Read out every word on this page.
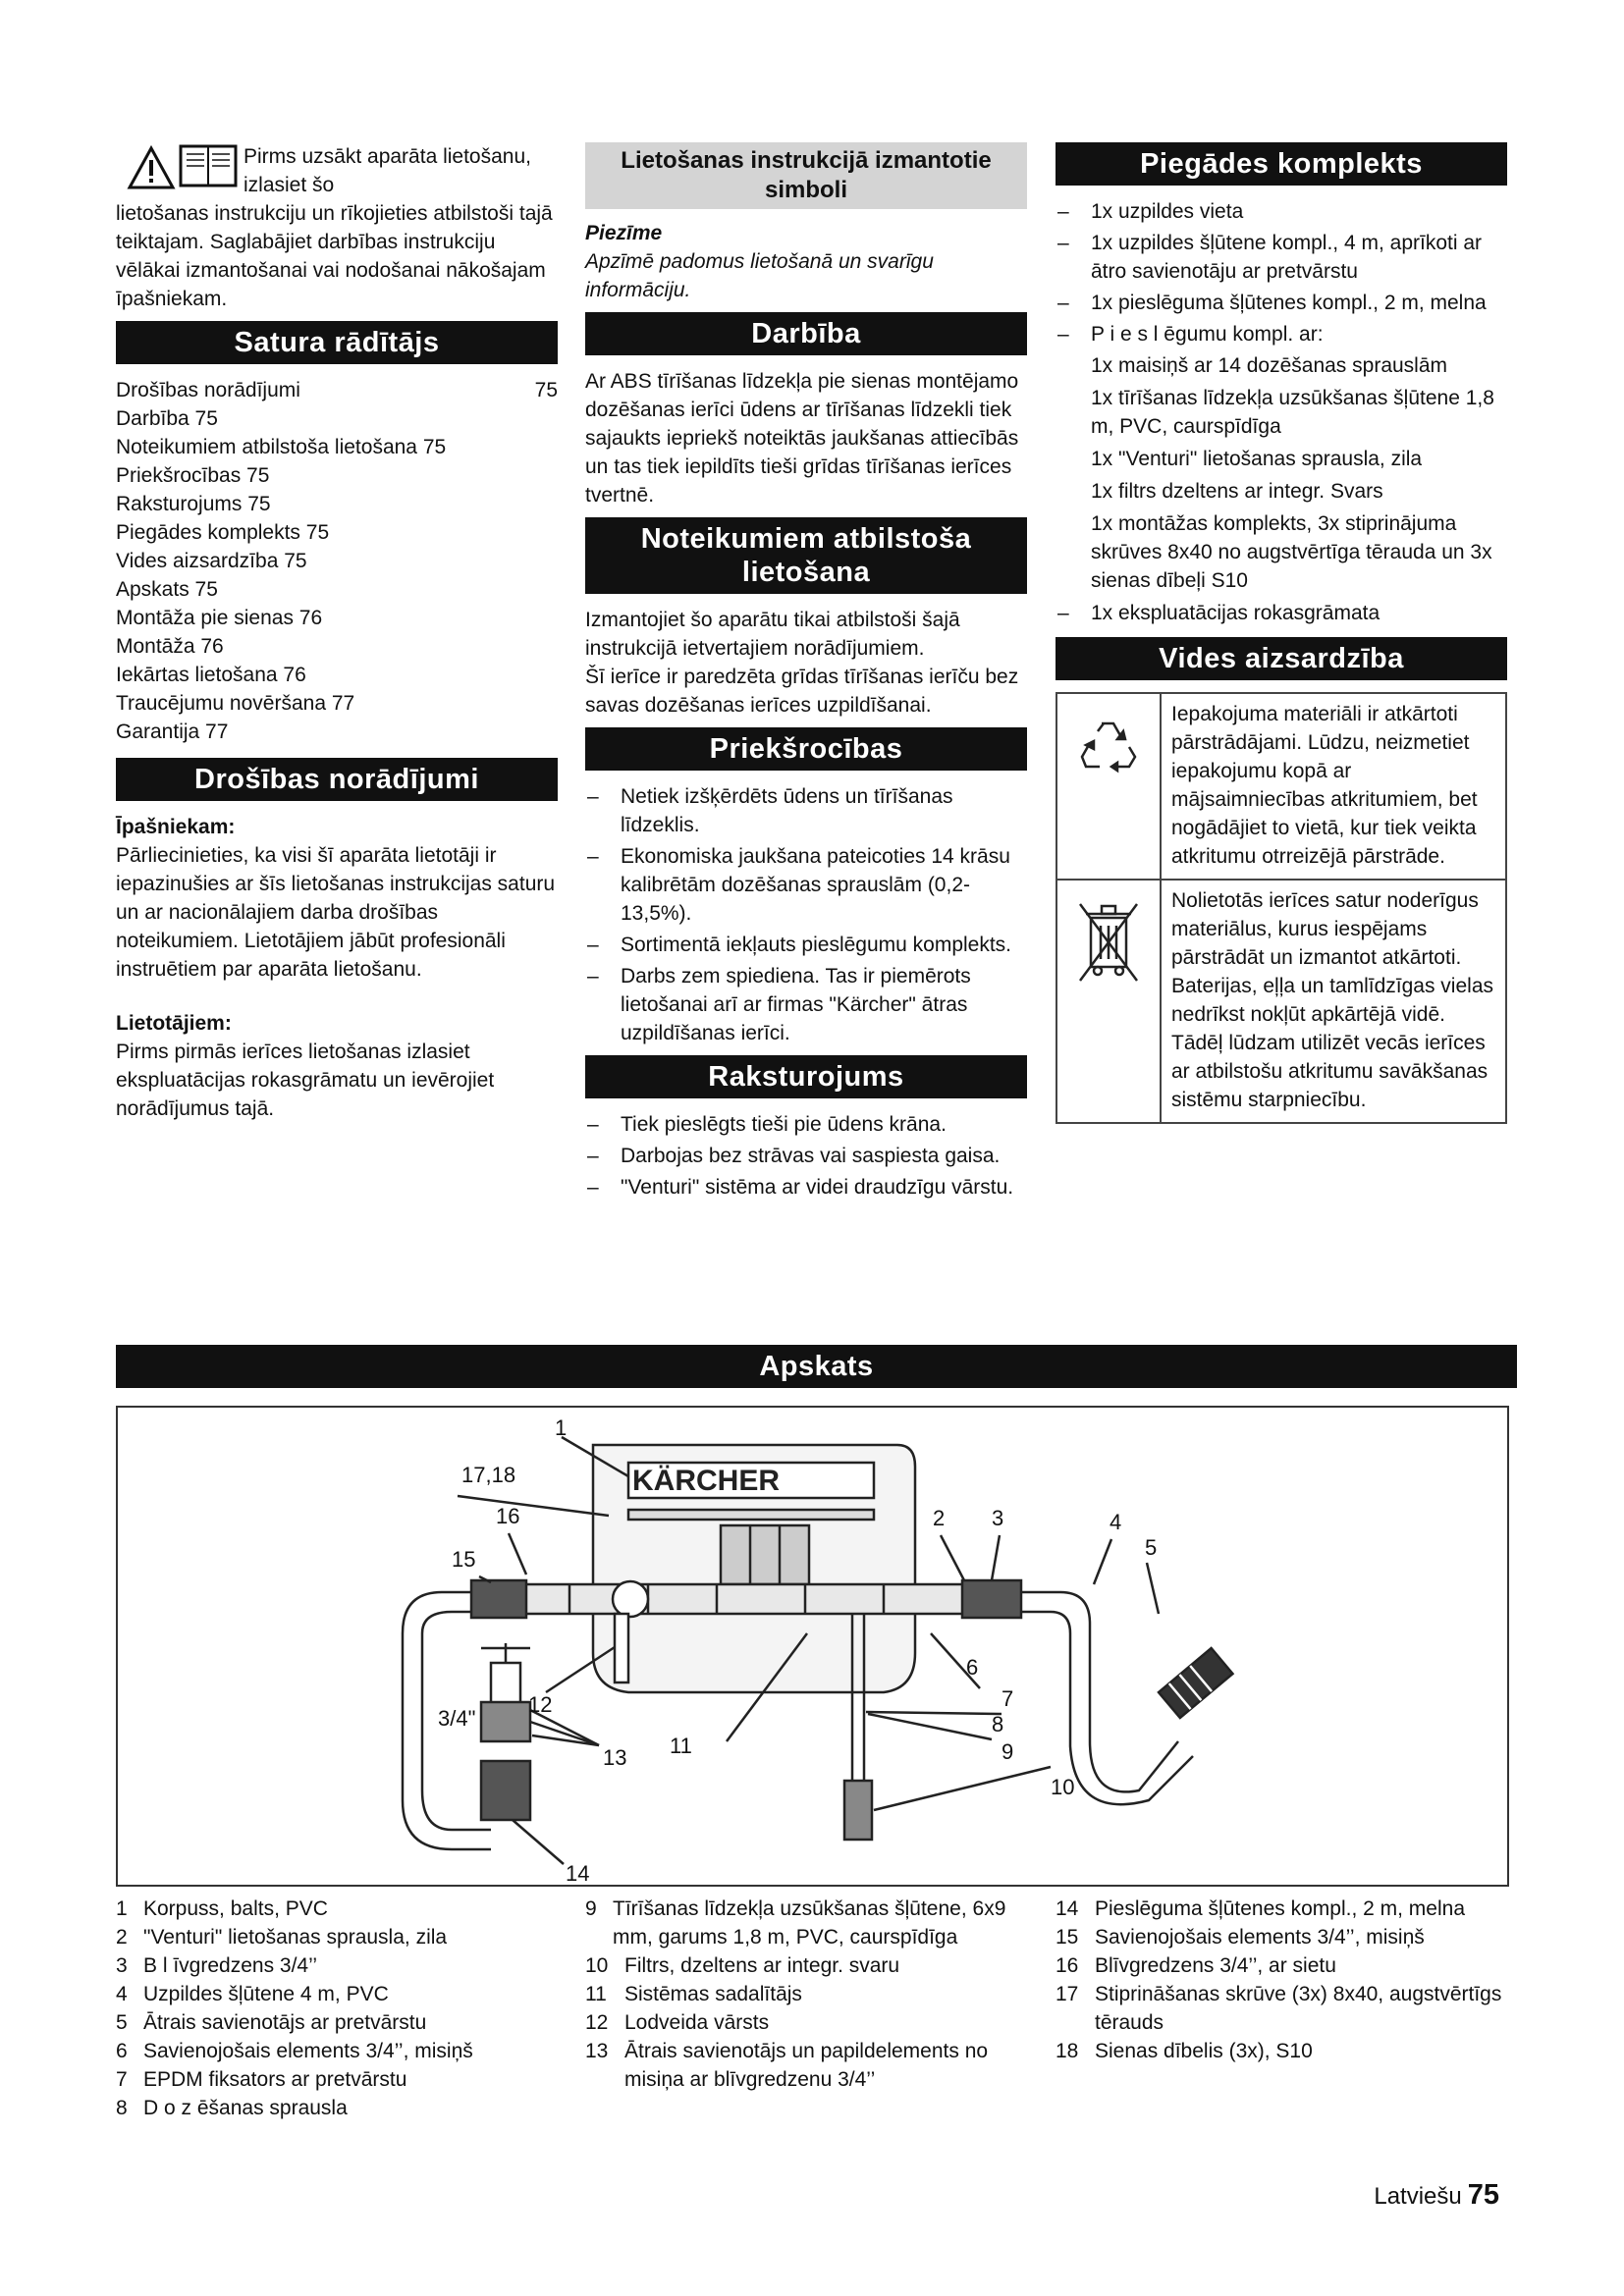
Pirms uzsākt aparāta lietošanu, izlasiet šo
lietošanas instrukciju un rīkojieties atbilstoši tajā teiktajam. Saglabājiet darbības instrukciju vēlākai izmantošanai vai nodošanai nākošajam īpašniekam.
Satura rādītājs
Drošības norādījumi	75
Darbība 75
Noteikumiem atbilstoša lietošana 75
Priekšrocības 75
Raksturojums 75
Piegādes komplekts 75
Vides aizsardzība 75
Apskats 75
Montāža pie sienas 76
Montāža 76
Iekārtas lietošana 76
Traucējumu novēršana 77
Garantija 77
Drošības norādījumi
Īpašniekam:
Pārliecinieties, ka visi šī aparāta lietotāji ir iepazinušies ar šīs lietošanas instrukcijas saturu un ar nacionālajiem darba drošības noteikumiem. Lietotājiem jābūt profesionāli instruētiem par aparāta lietošanu.
Lietotājiem:
Pirms pirmās ierīces lietošanas izlasiet ekspluatācijas rokasgrāmatu un ievērojiet norādījumus tajā.
Lietošanas instrukcijā izmantotie simboli
Piezīme
Apzīmē padomus lietošanā un svarīgu informāciju.
Darbība
Ar ABS tīrīšanas līdzekļa pie sienas montējamo dozēšanas ierīci ūdens ar tīrīšanas līdzekli tiek sajaukts iepriekš noteiktās jaukšanas attiecībās un tas tiek iepildīts tieši grīdas tīrīšanas ierīces tvertnē.
Noteikumiem atbilstoša lietošana
Izmantojiet šo aparātu tikai atbilstoši šajā instrukcijā ietvertajiem norādījumiem.
Šī ierīce ir paredzēta grīdas tīrīšanas ierīču bez savas dozēšanas ierīces uzpildīšanai.
Priekšrocības
– Netiek izšķērdēts ūdens un tīrīšanas līdzeklis.
– Ekonomiska jaukšana pateicoties 14 krāsu kalibrētām dozēšanas sprauslām (0,2-13,5%).
– Sortimentā iekļauts pieslēgumu komplekts.
– Darbs zem spiediena. Tas ir piemērots lietošanai arī ar firmas "Kärcher" ātras uzpildīšanas ierīci.
Raksturojums
– Tiek pieslēgts tieši pie ūdens krāna.
– Darbojas bez strāvas vai saspiesta gaisa.
– "Venturi" sistēma ar videi draudzīgu vārstu.
Piegādes komplekts
– 1x uzpildes vieta
– 1x uzpildes šļūtene kompl., 4 m, aprīkoti ar ātro savienotāju ar pretvārstu
– 1x pieslēguma šļūtenes kompl., 2 m, melna
– P i e s l ēgumu kompl. ar:
1x maisiņš ar 14 dozēšanas sprauslām
1x tīrīšanas līdzekļa uzsūkšanas šļūtene 1,8 m, PVC, caurspīdīga
1x "Venturi" lietošanas sprausla, zila
1x filtrs dzeltens ar integr. Svars
1x montāžas komplekts, 3x stiprinājuma skrūves 8x40 no augstvērtīga tērauda un 3x sienas dībeļi S10
– 1x ekspluatācijas rokasgrāmata
Vides aizsardzība
Iepakojuma materiāli ir atkārtoti pārstrādājami. Lūdzu, neizmetiet iepakojumu kopā ar mājsaimniecības atkritumiem, bet nogādājiet to vietā, kur tiek veikta atkritumu otrreizējā pārstrāde.
Nolietotās ierīces satur noderīgus materiālus, kurus iespējams pārstrādāt un izmantot atkārtoti. Baterijas, eļļa un tamlīdzīgas vielas nedrīkst nokļūt apkārtējā vidē. Tādēļ lūdzam utilizēt vecās ierīces ar atbilstošu atkritumu savākšanas sistēmu starpniecību.
Apskats
KÄRCHER
1
17,18
16
15
2 3	4
5
6
7
8
9
10
11
12
13
14
3/4"
1 Korpuss, balts, PVC
2 "Venturi" lietošanas sprausla, zila
3 B l īvgredzens 3/4’’
4 Uzpildes šļūtene 4 m, PVC
5 Ātrais savienotājs ar pretvārstu
6 Savienojošais elements 3/4’’, misiņš
7 EPDM fiksators ar pretvārstu
8 D o z ēšanas sprausla
9 Tīrīšanas līdzekļa uzsūkšanas šļūtene, 6x9 mm, garums 1,8 m, PVC, caurspīdīga
10 Filtrs, dzeltens ar integr. svaru
11 Sistēmas sadalītājs
12 Lodveida vārsts
13 Ātrais savienotājs un papildelements no misiņa ar blīvgredzenu 3/4’’
14 Pieslēguma šļūtenes kompl., 2 m, melna
15 Savienojošais elements 3/4’’, misiņš
16 Blīvgredzens 3/4’’, ar sietu
17 Stiprināšanas skrūve (3x) 8x40, augstvērtīgs tērauds
18 Sienas dībelis (3x), S10
Latviešu 75
